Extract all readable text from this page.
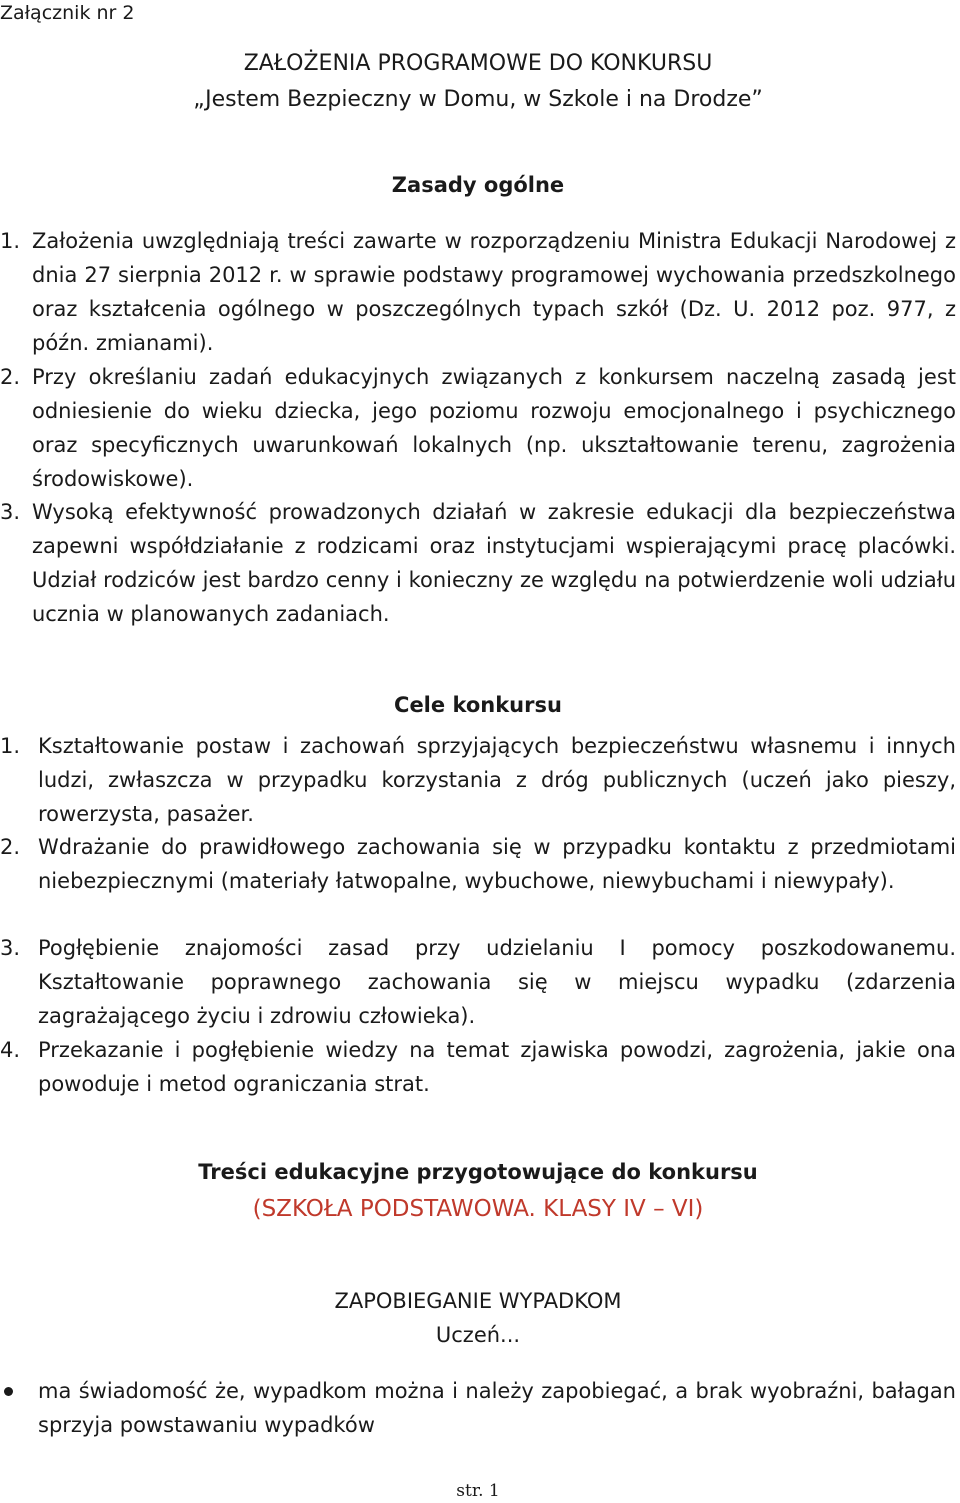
Załącznik nr 2
ZAŁOŻENIA PROGRAMOWE DO KONKURSU
„Jestem Bezpieczny w Domu, w Szkole i na Drodze”
Zasady ogólne
1. Założenia uwzględniają treści zawarte w rozporządzeniu Ministra Edukacji Narodowej z dnia 27 sierpnia 2012 r. w sprawie podstawy programowej wychowania przedszkolnego oraz kształcenia ogólnego w poszczególnych typach szkół (Dz. U. 2012 poz. 977, z późn. zmianami).
2. Przy określaniu zadań edukacyjnych związanych z konkursem naczelną zasadą jest odniesienie do wieku dziecka, jego poziomu rozwoju emocjonalnego i psychicznego oraz specyficznych uwarunkowań lokalnych (np. ukształtowanie terenu, zagrożenia środowiskowe).
3. Wysoką efektywność prowadzonych działań w zakresie edukacji dla bezpieczeństwa zapewni współdziałanie z rodzicami oraz instytucjami wspierającymi pracę placówki. Udział rodziców jest bardzo cenny i konieczny ze względu na potwierdzenie woli udziału ucznia w planowanych zadaniach.
Cele konkursu
1. Kształtowanie postaw i zachowań sprzyjających bezpieczeństwu własnemu i innych ludzi, zwłaszcza w przypadku korzystania z dróg publicznych (uczeń jako pieszy, rowerzysta, pasażer.
2. Wdrażanie do prawidłowego zachowania się w przypadku kontaktu z przedmiotami niebezpiecznymi (materiały łatwopalne, wybuchowe, niewybuchami i niewypały).
3. Pogłębienie znajomości zasad przy udzielaniu I pomocy poszkodowanemu. Kształtowanie poprawnego zachowania się w miejscu wypadku (zdarzenia zagrażającego życiu i zdrowiu człowieka).
4. Przekazanie i pogłębienie wiedzy na temat zjawiska powodzi, zagrożenia, jakie ona powoduje i metod ograniczania strat.
Treści edukacyjne przygotowujące do konkursu
(SZKOŁA PODSTAWOWA. KLASY IV – VI)
ZAPOBIEGANIE WYPADKOM
Uczeń...
ma świadomość że, wypadkom można i należy zapobiegać, a brak wyobraźni, bałagan sprzyja powstawaniu wypadków
str. 1
